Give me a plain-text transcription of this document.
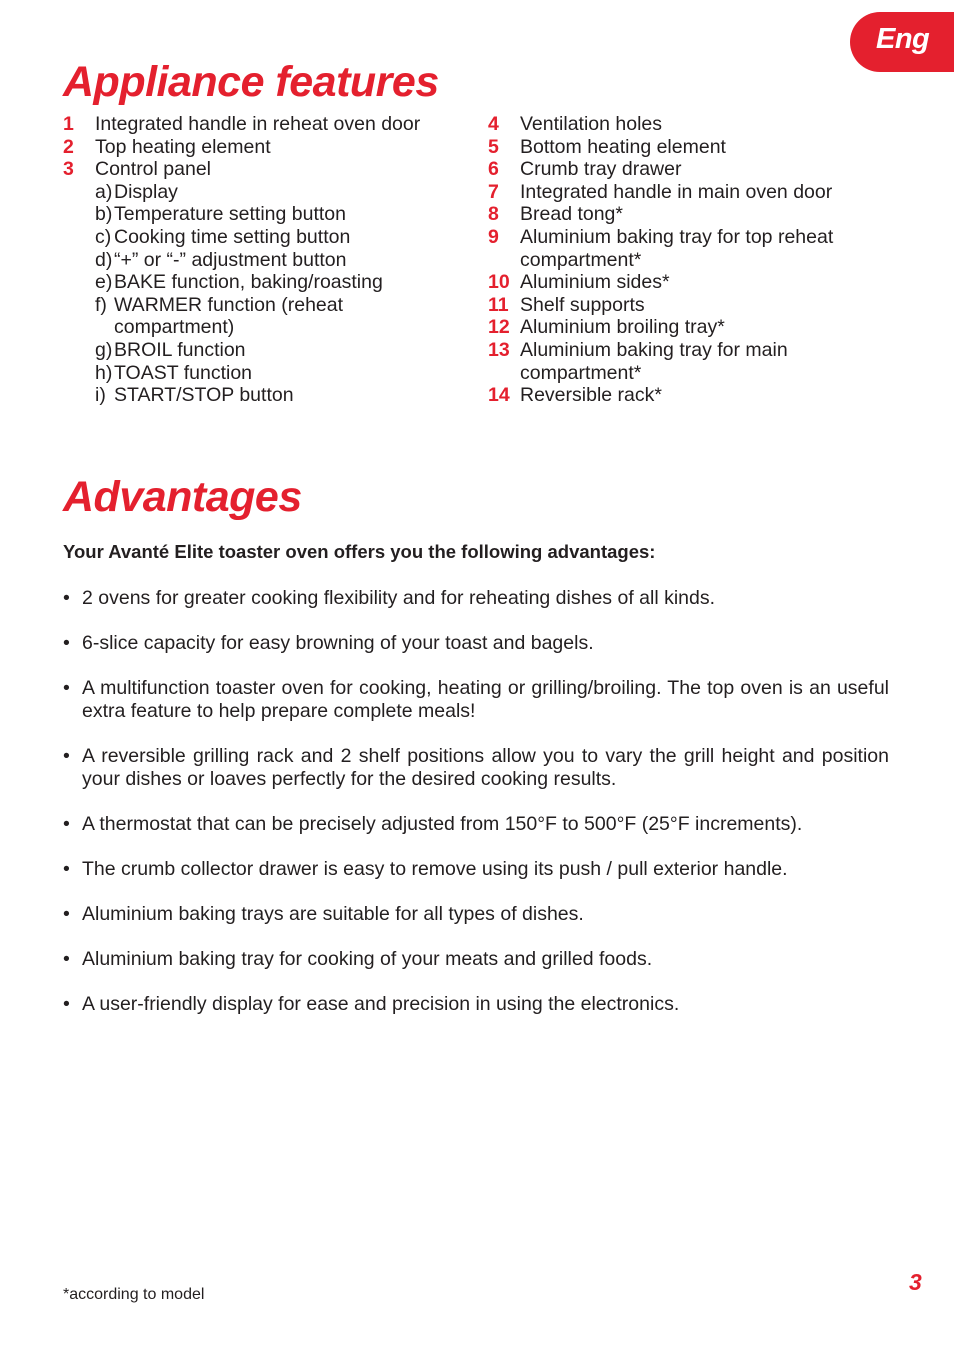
Eng
Appliance features
1	Integrated handle in reheat oven door
2	Top heating element
3	Control panel
a) Display
b) Temperature setting button
c) Cooking time setting button
d) “+” or “-” adjustment button
e) BAKE function, baking/roasting
f) WARMER function (reheat compartment)
g) BROIL function
h) TOAST function
i) START/STOP button
4	Ventilation holes
5	Bottom heating element
6	Crumb tray drawer
7	Integrated handle in main oven door
8	Bread tong*
9	Aluminium baking tray for top reheat compartment*
10 Aluminium sides*
11 Shelf supports
12 Aluminium broiling tray*
13 Aluminium baking tray for main compartment*
14 Reversible rack*
Advantages

Your Avanté Elite toaster oven offers you the following advantages:

• 2 ovens for greater cooking flexibility and for reheating dishes of all kinds.
• 6-slice capacity for easy browning of your toast and bagels.
• A multifunction toaster oven for cooking, heating or grilling/broiling. The top oven is an useful extra feature to help prepare complete meals!
• A reversible grilling rack and 2 shelf positions allow you to vary the grill height and position your dishes or loaves perfectly for the desired cooking results.
• A thermostat that can be precisely adjusted from 150°F to 500°F (25°F increments).
• The crumb collector drawer is easy to remove using its push / pull exterior handle.
• Aluminium baking trays are suitable for all types of dishes.
• Aluminium baking tray for cooking of your meats and grilled foods.
• A user-friendly display for ease and precision in using the electronics.
*according to model	3
